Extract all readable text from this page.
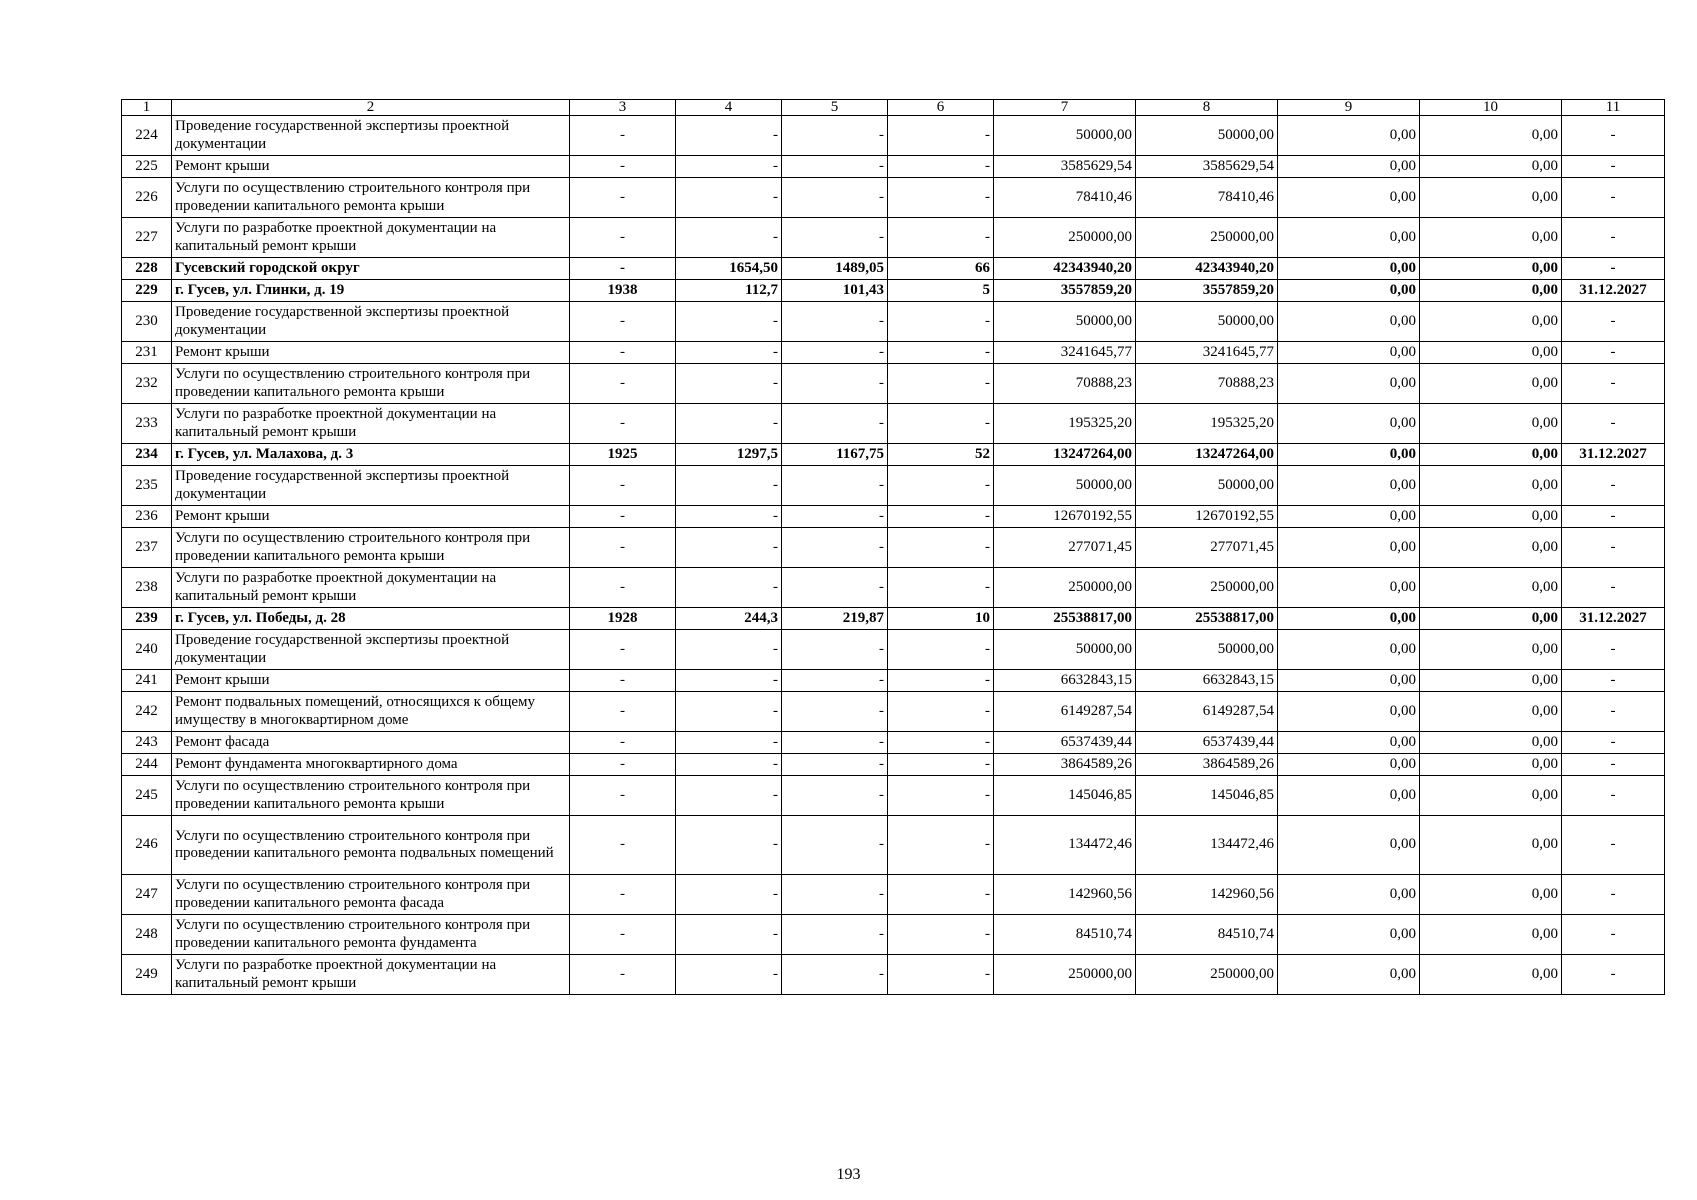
1	2	3	4	5	6	7	8	9	10	11
224	Проведение государственной экспертизы проектной документации	-	-	-	-	50000,00	50000,00	0,00	0,00	-
225	Ремонт крыши	-	-	-	-	3585629,54	3585629,54	0,00	0,00	-
226	Услуги по осуществлению строительного контроля при проведении капитального ремонта крыши	-	-	-	-	78410,46	78410,46	0,00	0,00	-
227	Услуги по разработке проектной документации на капитальный ремонт крыши	-	-	-	-	250000,00	250000,00	0,00	0,00	-
228	Гусевский городской округ	-	1654,50	1489,05	66	42343940,20	42343940,20	0,00	0,00	-
229	г. Гусев, ул. Глинки, д. 19	1938	112,7	101,43	5	3557859,20	3557859,20	0,00	0,00	31.12.2027
230	Проведение государственной экспертизы проектной документации	-	-	-	-	50000,00	50000,00	0,00	0,00	-
231	Ремонт крыши	-	-	-	-	3241645,77	3241645,77	0,00	0,00	-
232	Услуги по осуществлению строительного контроля при проведении капитального ремонта крыши	-	-	-	-	70888,23	70888,23	0,00	0,00	-
233	Услуги по разработке проектной документации на капитальный ремонт крыши	-	-	-	-	195325,20	195325,20	0,00	0,00	-
234	г. Гусев, ул. Малахова, д. 3	1925	1297,5	1167,75	52	13247264,00	13247264,00	0,00	0,00	31.12.2027
235	Проведение государственной экспертизы проектной документации	-	-	-	-	50000,00	50000,00	0,00	0,00	-
236	Ремонт крыши	-	-	-	-	12670192,55	12670192,55	0,00	0,00	-
237	Услуги по осуществлению строительного контроля при проведении капитального ремонта крыши	-	-	-	-	277071,45	277071,45	0,00	0,00	-
238	Услуги по разработке проектной документации на капитальный ремонт крыши	-	-	-	-	250000,00	250000,00	0,00	0,00	-
239	г. Гусев, ул. Победы, д. 28	1928	244,3	219,87	10	25538817,00	25538817,00	0,00	0,00	31.12.2027
240	Проведение государственной экспертизы проектной документации	-	-	-	-	50000,00	50000,00	0,00	0,00	-
241	Ремонт крыши	-	-	-	-	6632843,15	6632843,15	0,00	0,00	-
242	Ремонт подвальных помещений, относящихся к общему имуществу в многоквартирном доме	-	-	-	-	6149287,54	6149287,54	0,00	0,00	-
243	Ремонт фасада	-	-	-	-	6537439,44	6537439,44	0,00	0,00	-
244	Ремонт фундамента многоквартирного дома	-	-	-	-	3864589,26	3864589,26	0,00	0,00	-
245	Услуги по осуществлению строительного контроля при проведении капитального ремонта крыши	-	-	-	-	145046,85	145046,85	0,00	0,00	-
246	Услуги по осуществлению строительного контроля при проведении капитального ремонта подвальных помещений	-	-	-	-	134472,46	134472,46	0,00	0,00	-
247	Услуги по осуществлению строительного контроля при проведении капитального ремонта фасада	-	-	-	-	142960,56	142960,56	0,00	0,00	-
248	Услуги по осуществлению строительного контроля при проведении капитального ремонта фундамента	-	-	-	-	84510,74	84510,74	0,00	0,00	-
249	Услуги по разработке проектной документации на капитальный ремонт крыши	-	-	-	-	250000,00	250000,00	0,00	0,00	-
193
